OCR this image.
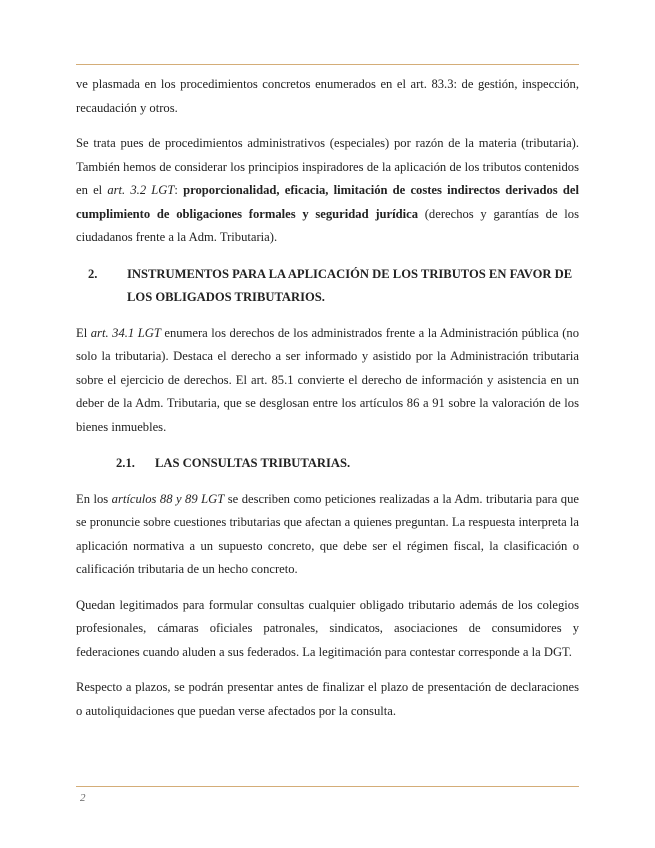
ve plasmada en los procedimientos concretos enumerados en el art. 83.3: de gestión, inspección, recaudación y otros.

Se trata pues de procedimientos administrativos (especiales) por razón de la materia (tributaria). También hemos de considerar los principios inspiradores de la aplicación de los tributos contenidos en el art. 3.2 LGT: proporcionalidad, eficacia, limitación de costes indirectos derivados del cumplimiento de obligaciones formales y seguridad jurídica (derechos y garantías de los ciudadanos frente a la Adm. Tributaria).

2.	INSTRUMENTOS PARA LA APLICACIÓN DE LOS TRIBUTOS EN FAVOR DE LOS OBLIGADOS TRIBUTARIOS.

El art. 34.1 LGT enumera los derechos de los administrados frente a la Administración pública (no solo la tributaria). Destaca el derecho a ser informado y asistido por la Administración tributaria sobre el ejercicio de derechos. El art. 85.1 convierte el derecho de información y asistencia en un deber de la Adm. Tributaria, que se desglosan entre los artículos 86 a 91 sobre la valoración de los bienes inmuebles.

2.1.	LAS CONSULTAS TRIBUTARIAS.

En los artículos 88 y 89 LGT se describen como peticiones realizadas a la Adm. tributaria para que se pronuncie sobre cuestiones tributarias que afectan a quienes preguntan. La respuesta interpreta la aplicación normativa a un supuesto concreto, que debe ser el régimen fiscal, la clasificación o calificación tributaria de un hecho concreto.

Quedan legitimados para formular consultas cualquier obligado tributario además de los colegios profesionales, cámaras oficiales patronales, sindicatos, asociaciones de consumidores y federaciones cuando aluden a sus federados. La legitimación para contestar corresponde a la DGT.

Respecto a plazos, se podrán presentar antes de finalizar el plazo de presentación de declaraciones o autoliquidaciones que puedan verse afectados por la consulta.

2
